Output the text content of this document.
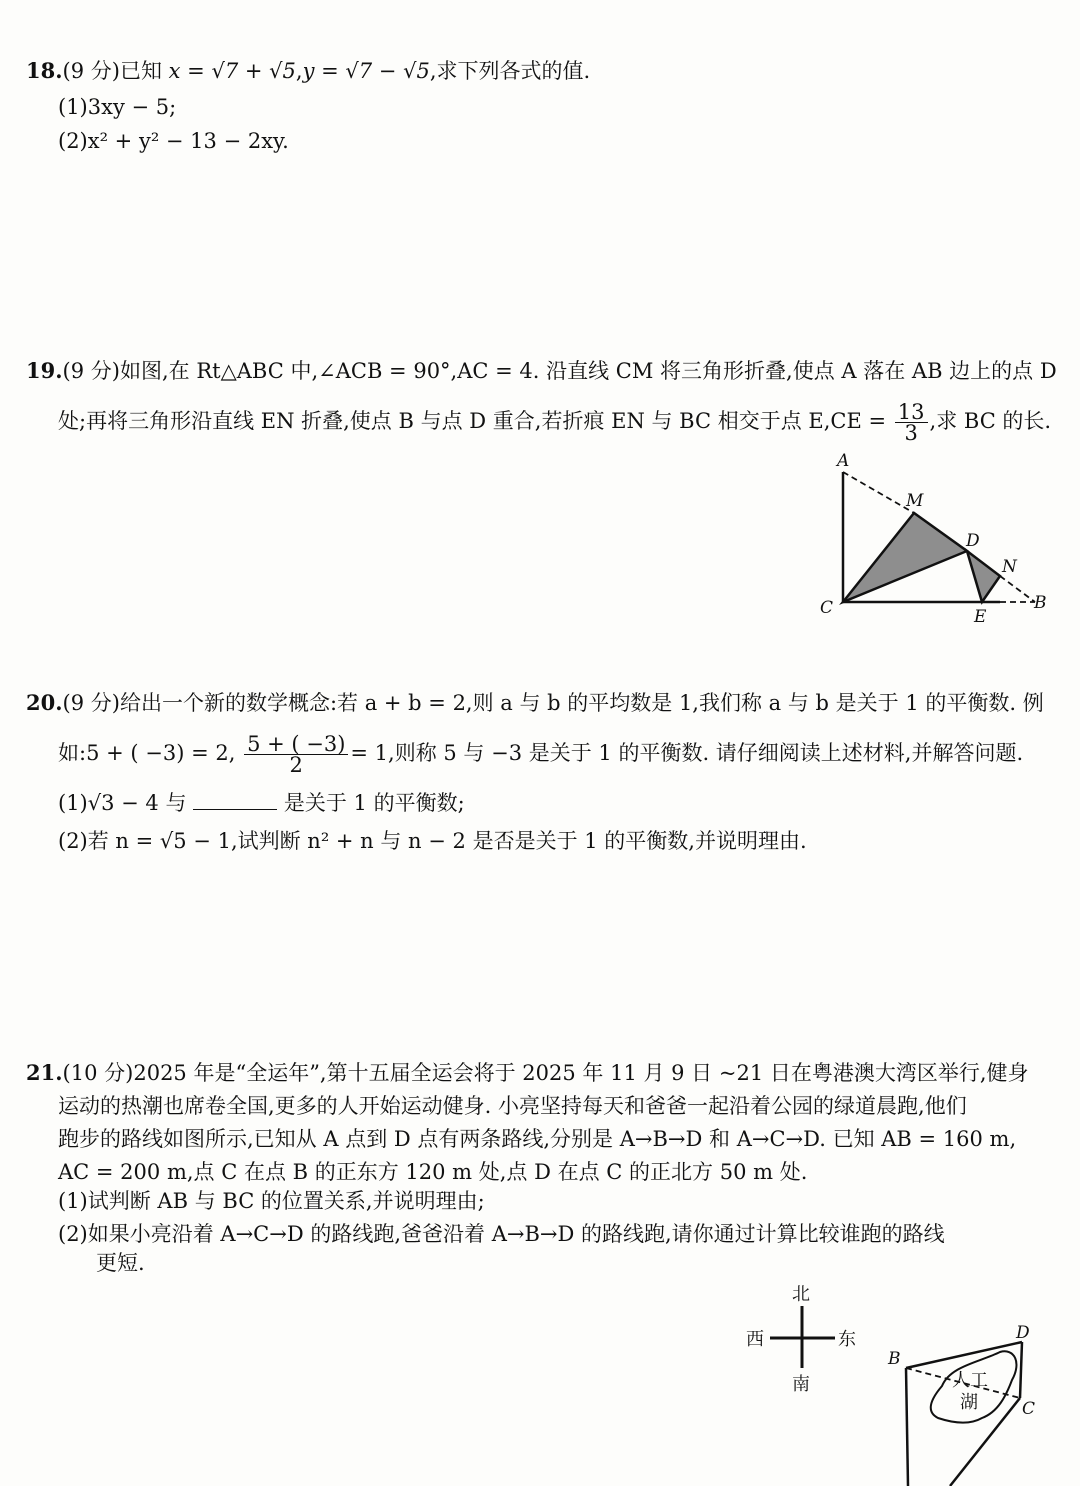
18.(9 分)已知 x = √7 + √5,y = √7 − √5,求下列各式的值.
(1)3xy − 5;
(2)x² + y² − 13 − 2xy.
19.(9 分)如图,在 Rt△ABC 中,∠ACB = 90°,AC = 4. 沿直线 CM 将三角形折叠,使点 A 落在 AB 边上的点 D
处;再将三角形沿直线 EN 折叠,使点 B 与点 D 重合,若折痕 EN 与 BC 相交于点 $E,CE = \frac{13}{3}$ ,求 BC 的长.
A
M
D
N
C	E
B
20.(9 分)给出一个新的数学概念:若 a + b = 2,则 a 与 b 的平均数是 1,我们称 a 与 b 是关于 1 的平衡数. 例
如:5 + ( −3) = 2, $\frac{5 + ( -3)}{2} = 1$,则称 5 与 −3 是关于 1 的平衡数. 请仔细阅读上述材料,并解答问题.
(1)√3 − 4 与	是关于 1 的平衡数;
(2)若 n = √5 − 1,试判断 n² + n 与 n − 2 是否是关于 1 的平衡数,并说明理由.
21.(10 分)2025 年是“全运年”,第十五届全运会将于 2025 年 11 月 9 日 ~21 日在粤港澳大湾区举行,健身
运动的热潮也席卷全国,更多的人开始运动健身. 小亮坚持每天和爸爸一起沿着公园的绿道晨跑,他们
跑步的路线如图所示,已知从 A 点到 D 点有两条路线,分别是 A→B→D 和 A→C→D. 已知 AB = 160 m,
AC = 200 m,点 C 在点 B 的正东方 120 m 处,点 D 在点 C 的正北方 50 m 处.
(1)试判断 AB 与 BC 的位置关系,并说明理由;
(2)如果小亮沿着 A→C→D 的路线跑,爸爸沿着 A→B→D 的路线跑,请你通过计算比较谁跑的路线
更短.
北
南
西	东	D
B
C
人工
湖
